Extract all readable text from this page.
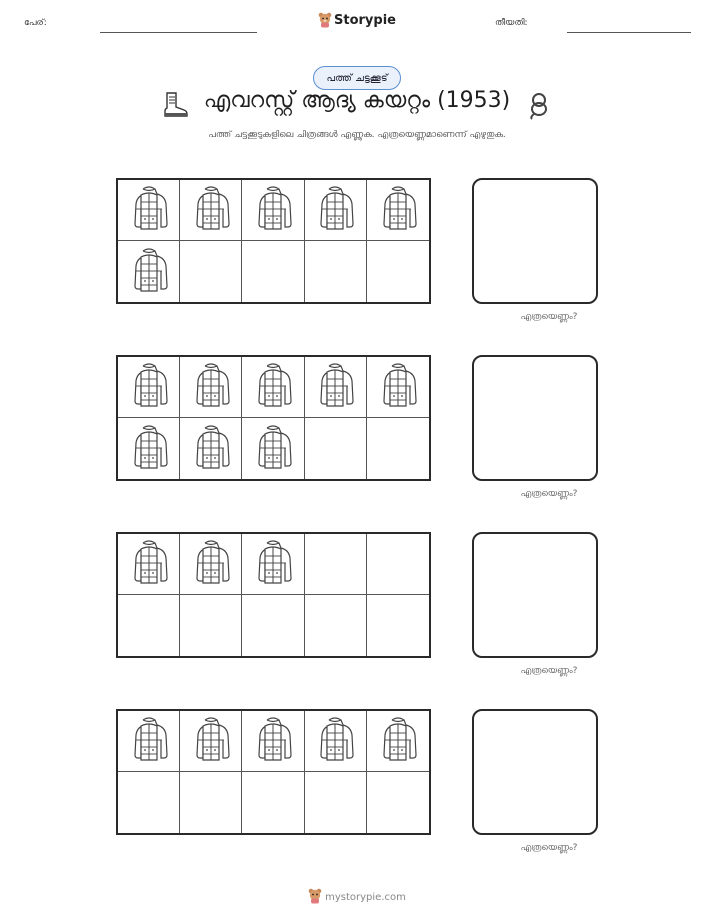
പേര്:	Storypie	തീയതി:
പത്ത് ചട്ടക്കൂട്
എവറസ്റ്റ് ആദ്യ കയറ്റം (1953)
പത്ത് ചട്ടക്കൂടുകളിലെ ചിത്രങ്ങൾ എണ്ണുക. എത്രയെണ്ണമാണെന്ന് എഴുതുക.
എത്രയെണ്ണം?
എത്രയെണ്ണം?
എത്രയെണ്ണം?
എത്രയെണ്ണം?
mystorypie.com
